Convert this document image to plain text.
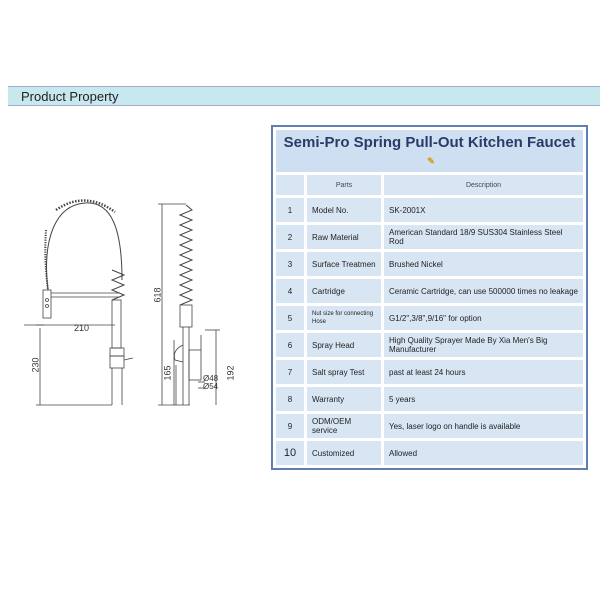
Product Property
210
618
230
165	192
Ø48
Ø54
Semi-Pro Spring Pull-Out Kitchen Faucet✎		
	Parts	Description
1	Model No.	SK-2001X
2	Raw Material	American Standard 18/9 SUS304 Stainless Steel Rod
3	Surface Treatmen	Brushed Nickel
4	Cartridge	Ceramic Cartridge, can use 500000 times no leakage
5	Nut size for connecting Hose	G1/2",3/8",9/16" for option
6	Spray Head	High Quality Sprayer Made By Xia Men's Big Manufacturer
7	Salt spray Test	past at least 24 hours
8	Warranty	5 years
9	ODM/OEM service	Yes, laser logo on handle is available
10	Customized	Allowed
